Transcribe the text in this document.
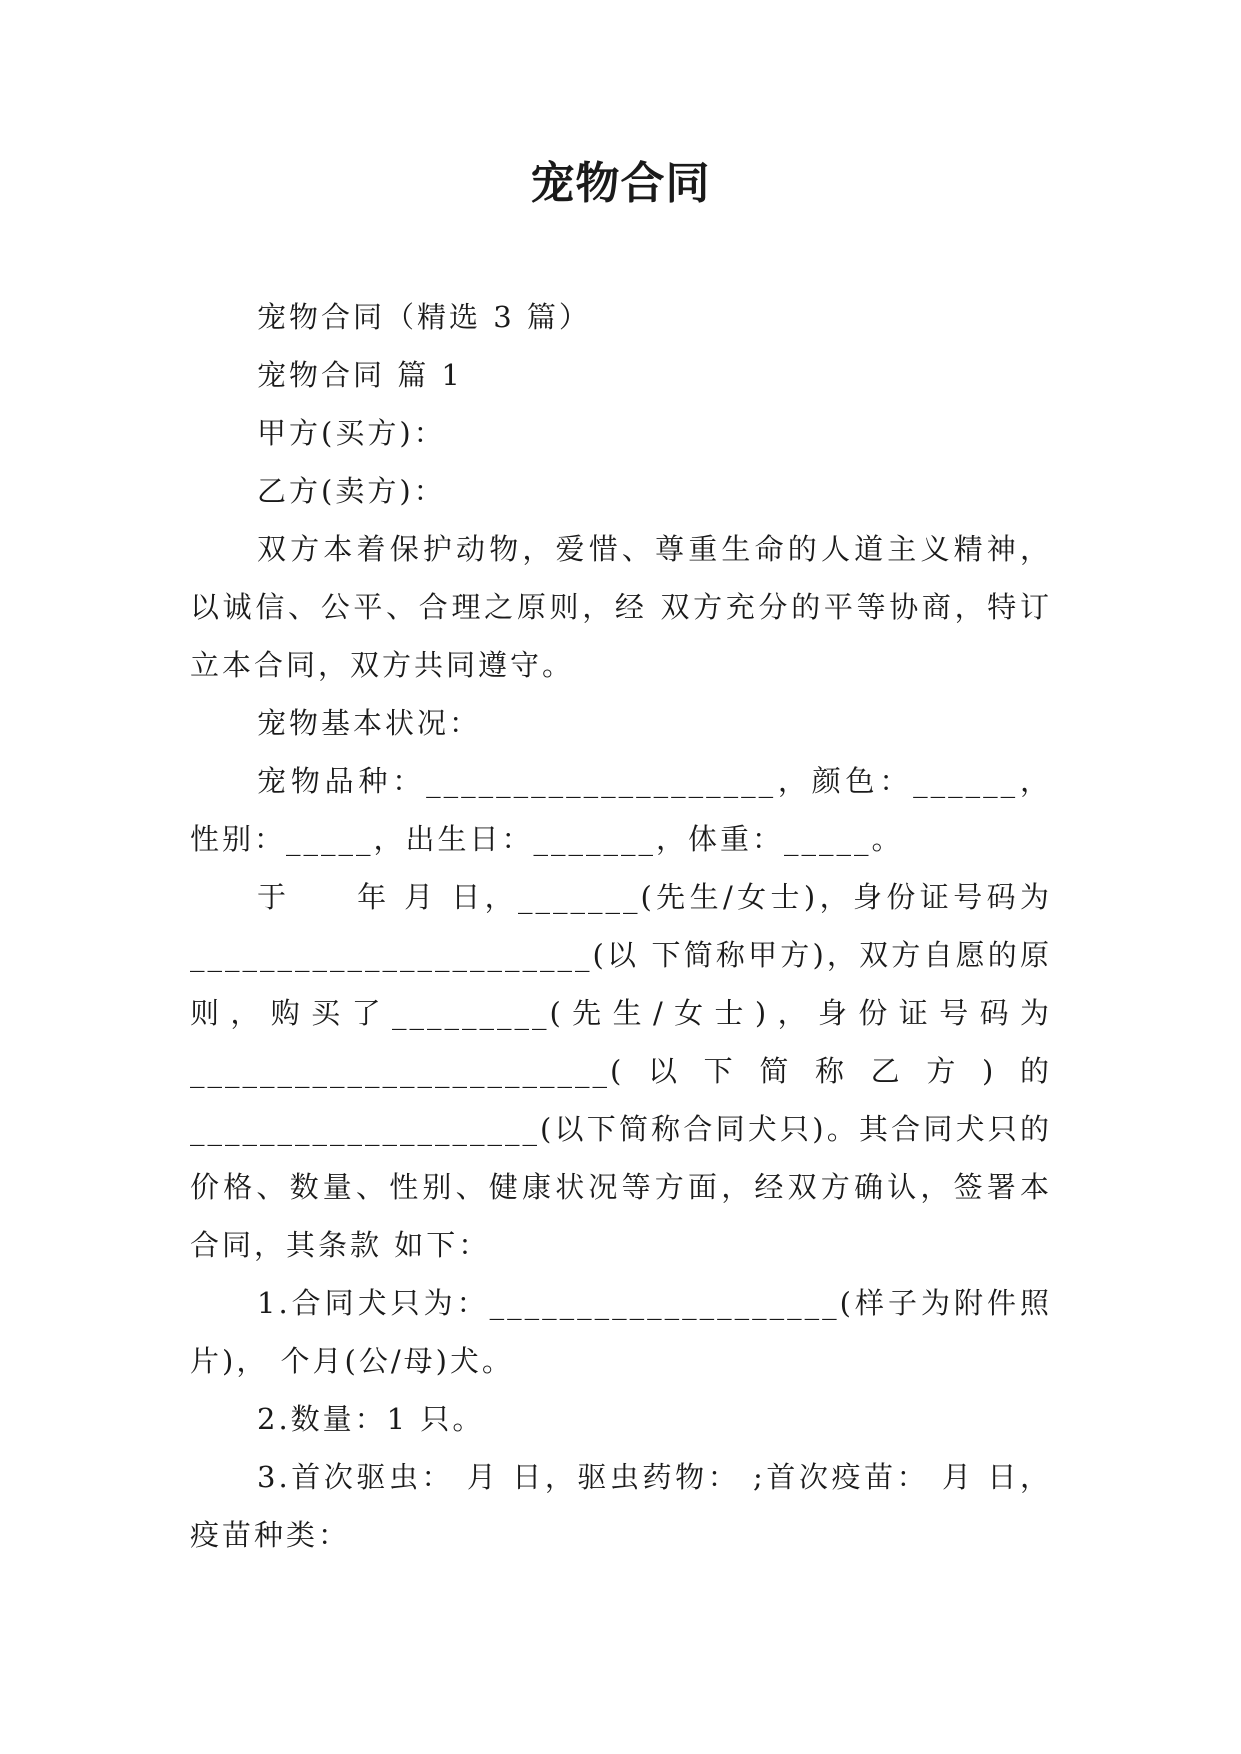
宠物合同

宠物合同（精选 3 篇）

宠物合同 篇 1

甲方(买方)：

乙方(卖方)：

双方本着保护动物，爱惜、尊重生命的人道主义精神，以诚信、公平、合理之原则，经 双方充分的平等协商，特订立本合同，双方共同遵守。

宠物基本状况：

宠物品种：____________________，颜色：______，性别：_____，出生日：_______，体重：_____。

于　　年 月 日，_______(先生/女士)，身份证号码为_______________________(以 下简称甲方)，双方自愿的原则，购买了_________(先生/女士)，身份证号码为________________________(以下简称乙方)的____________________(以下简称合同犬只)。其合同犬只的价格、数量、性别、健康状况等方面，经双方确认，签署本合同，其条款 如下：

1.合同犬只为：____________________(样子为附件照片)， 个月(公/母)犬。

2.数量：1 只。

3.首次驱虫： 月 日，驱虫药物： ;首次疫苗： 月 日，疫苗种类：
